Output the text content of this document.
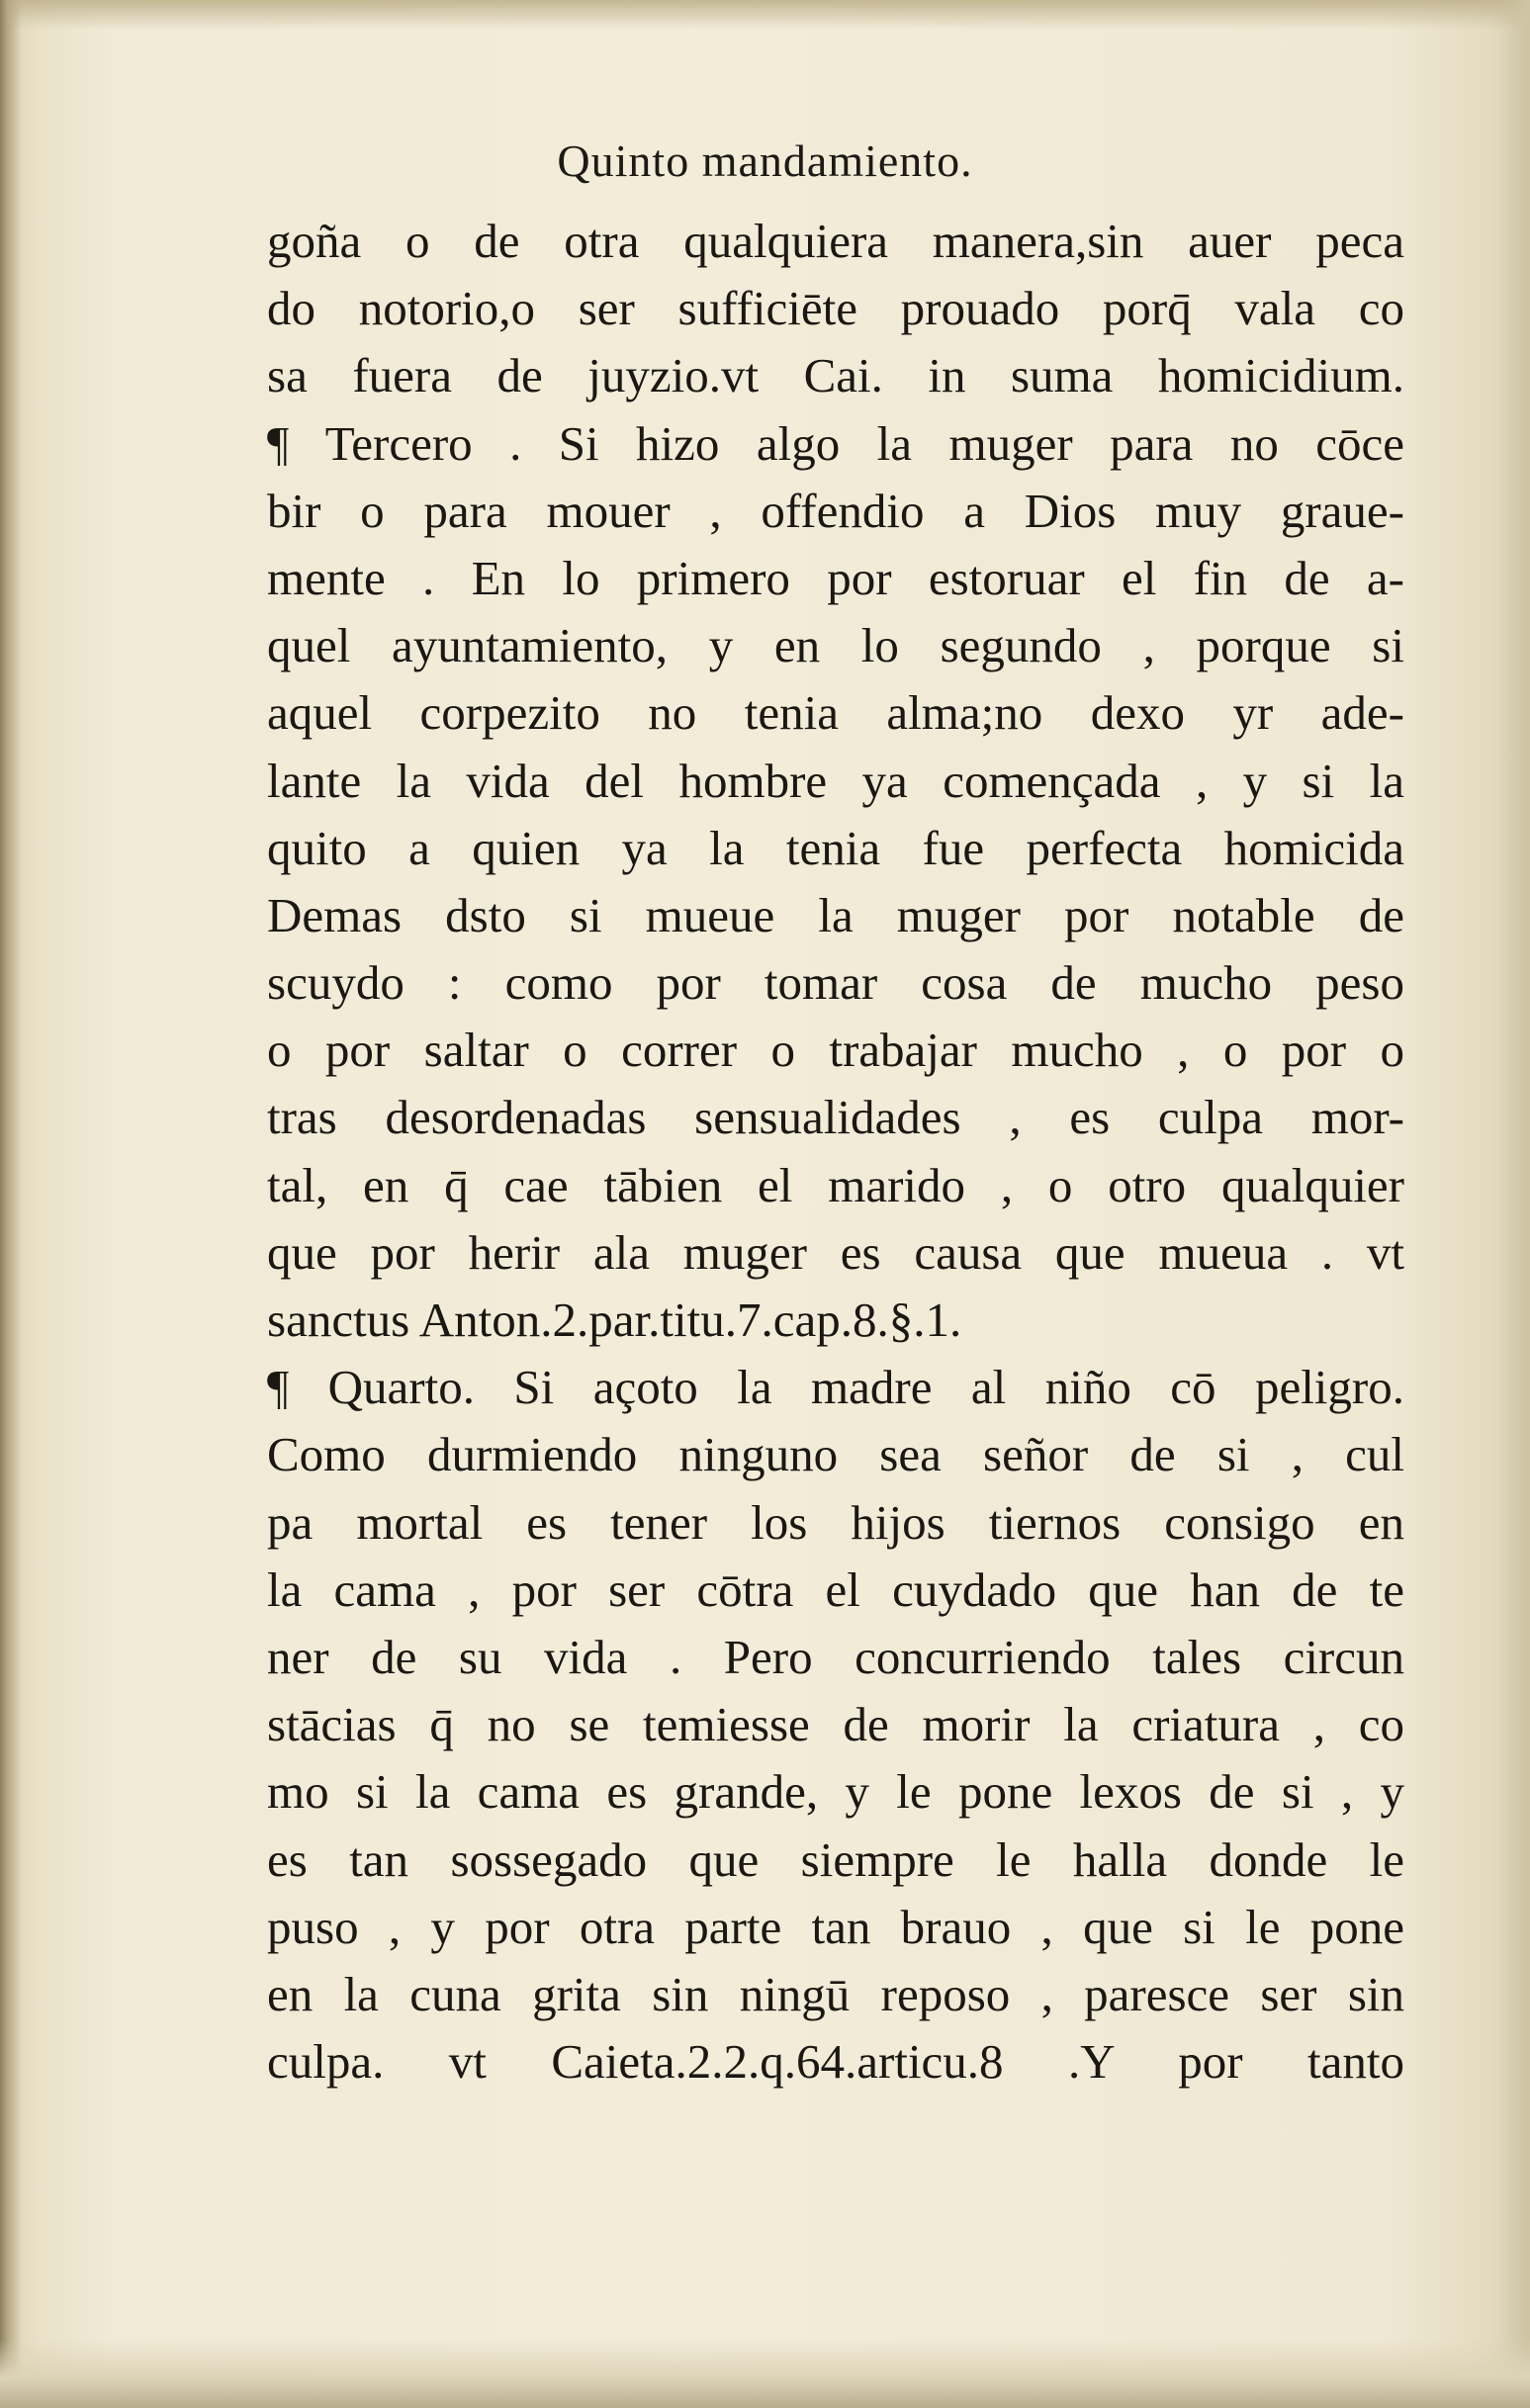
Quinto mandamiento.
goña o de otra qualquiera manera,sin auer peca
do notorio,o ser sufficiēte prouado porq̄ vala co
sa fuera de juyzio.vt Cai. in suma homicidium.
¶ Tercero . Si hizo algo la muger para no cōce
bir o para mouer , offendio a Dios muy graue-
mente . En lo primero por estoruar el fin de a-
quel ayuntamiento, y en lo segundo , porque si
aquel corpezito no tenia alma;no dexo yr ade-
lante la vida del hombre ya començada , y si la
quito a quien ya la tenia fue perfecta homicida
Demas dsto si mueue la muger por notable de
scuydo : como por tomar cosa de mucho peso
o por saltar o correr o trabajar mucho , o por o
tras desordenadas sensualidades , es culpa mor-
tal, en q̄ cae tābien el marido , o otro qualquier
que por herir ala muger es causa que mueua . vt
sanctus Anton.2.par.titu.7.cap.8.§.1.
¶ Quarto. Si açoto la madre al niño cō peligro.
Como durmiendo ninguno sea señor de si , cul
pa mortal es tener los hijos tiernos consigo en
la cama , por ser cōtra el cuydado que han de te
ner de su vida . Pero concurriendo tales circun
stācias q̄ no se temiesse de morir la criatura , co
mo si la cama es grande, y le pone lexos de si , y
es tan sossegado que siempre le halla donde le
puso , y por otra parte tan brauo , que si le pone
en la cuna grita sin ningū reposo , paresce ser sin
culpa. vt Caieta.2.2.q.64.articu.8 .Y por tanto
